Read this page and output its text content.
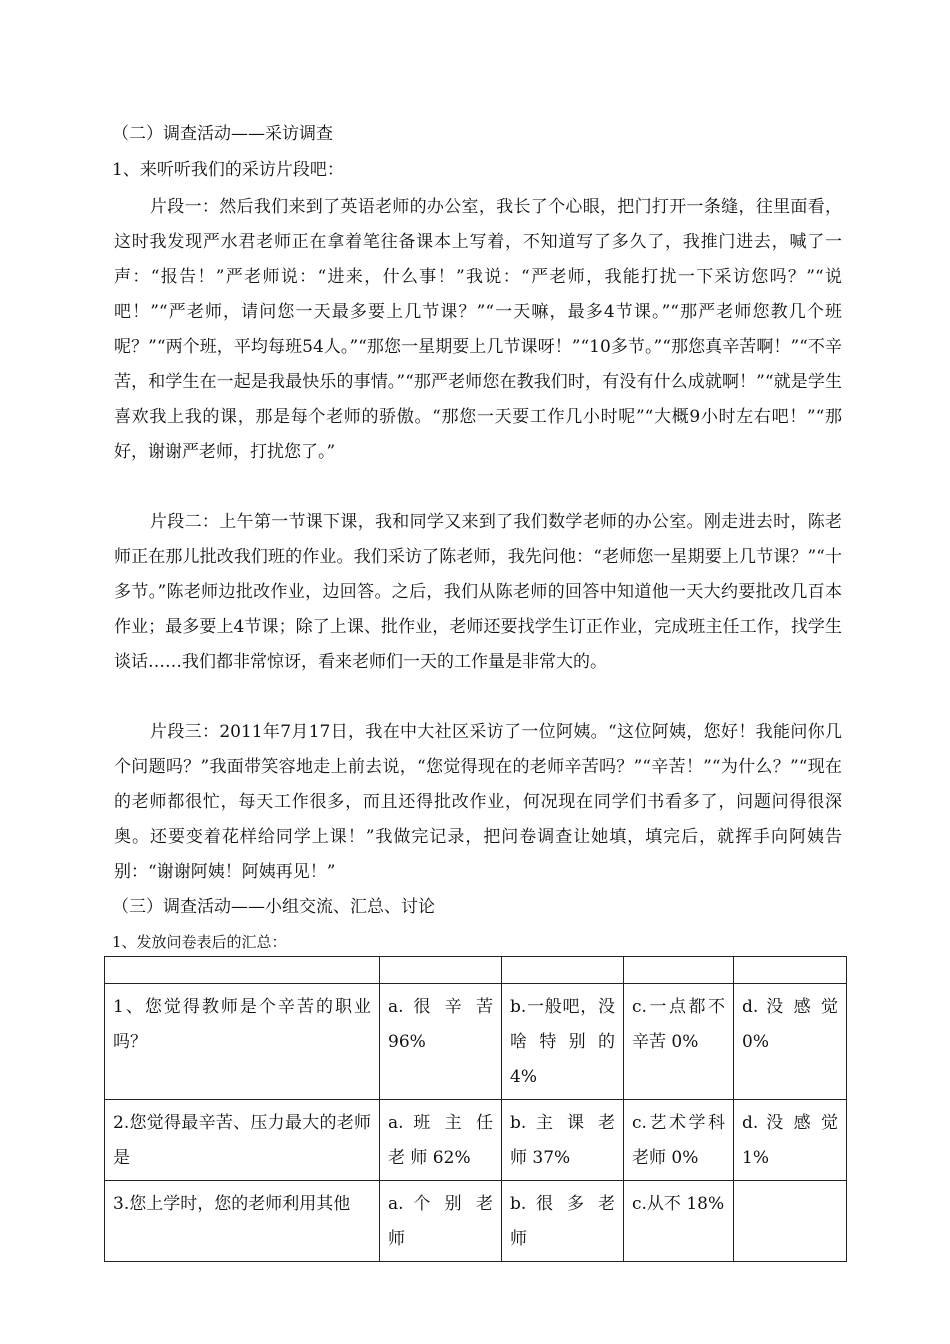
（二）调查活动——采访调查
1、来听听我们的采访片段吧：
片段一：然后我们来到了英语老师的办公室，我长了个心眼，把门打开一条缝，往里面看，这时我发现严水君老师正在拿着笔往备课本上写着，不知道写了多久了，我推门进去，喊了一声：“报告！”严老师说：“进来，什么事！”我说：“严老师，我能打扰一下采访您吗？”“说吧！”“严老师，请问您一天最多要上几节课？”“一天嘛，最多4节课。”“那严老师您教几个班呢？”“两个班，平均每班54人。”“那您一星期要上几节课呀！”“10多节。”“那您真辛苦啊！”“不辛苦，和学生在一起是我最快乐的事情。”“那严老师您在教我们时，有没有什么成就啊！”“就是学生喜欢我上我的课，那是每个老师的骄傲。“那您一天要工作几小时呢”“大概9小时左右吧！”“那好，谢谢严老师，打扰您了。”
片段二：上午第一节课下课，我和同学又来到了我们数学老师的办公室。刚走进去时，陈老师正在那儿批改我们班的作业。我们采访了陈老师，我先问他：“老师您一星期要上几节课？”“十多节。”陈老师边批改作业，边回答。之后，我们从陈老师的回答中知道他一天大约要批改几百本作业；最多要上4节课；除了上课、批作业，老师还要找学生订正作业，完成班主任工作，找学生谈话……我们都非常惊讶，看来老师们一天的工作量是非常大的。
片段三：2011年7月17日，我在中大社区采访了一位阿姨。“这位阿姨，您好！我能问你几个问题吗？”我面带笑容地走上前去说，“您觉得现在的老师辛苦吗？”“辛苦！”“为什么？”“现在的老师都很忙，每天工作很多，而且还得批改作业，何况现在同学们书看多了，问题问得很深奥。还要变着花样给同学上课！”我做完记录，把问卷调查让她填，填完后，就挥手向阿姨告别：“谢谢阿姨！阿姨再见！”
（三）调查活动——小组交流、汇总、讨论
1、发放问卷表后的汇总：

1、您觉得教师是个辛苦的职业吗？	a. 很 辛 苦 96%	b.一般吧，没啥 特 别 的 4%	c.一点都不辛苦 0%	d. 没 感 觉 0%
2.您觉得最辛苦、压力最大的老师是	a. 班 主 任 老 师 62%	b. 主 课 老 师 37%	c.艺术学科老师 0%	d. 没 感 觉 1%
3.您上学时，您的老师利用其他	a. 个 别 老 师	b. 很 多 老 师	c.从不 18%	
